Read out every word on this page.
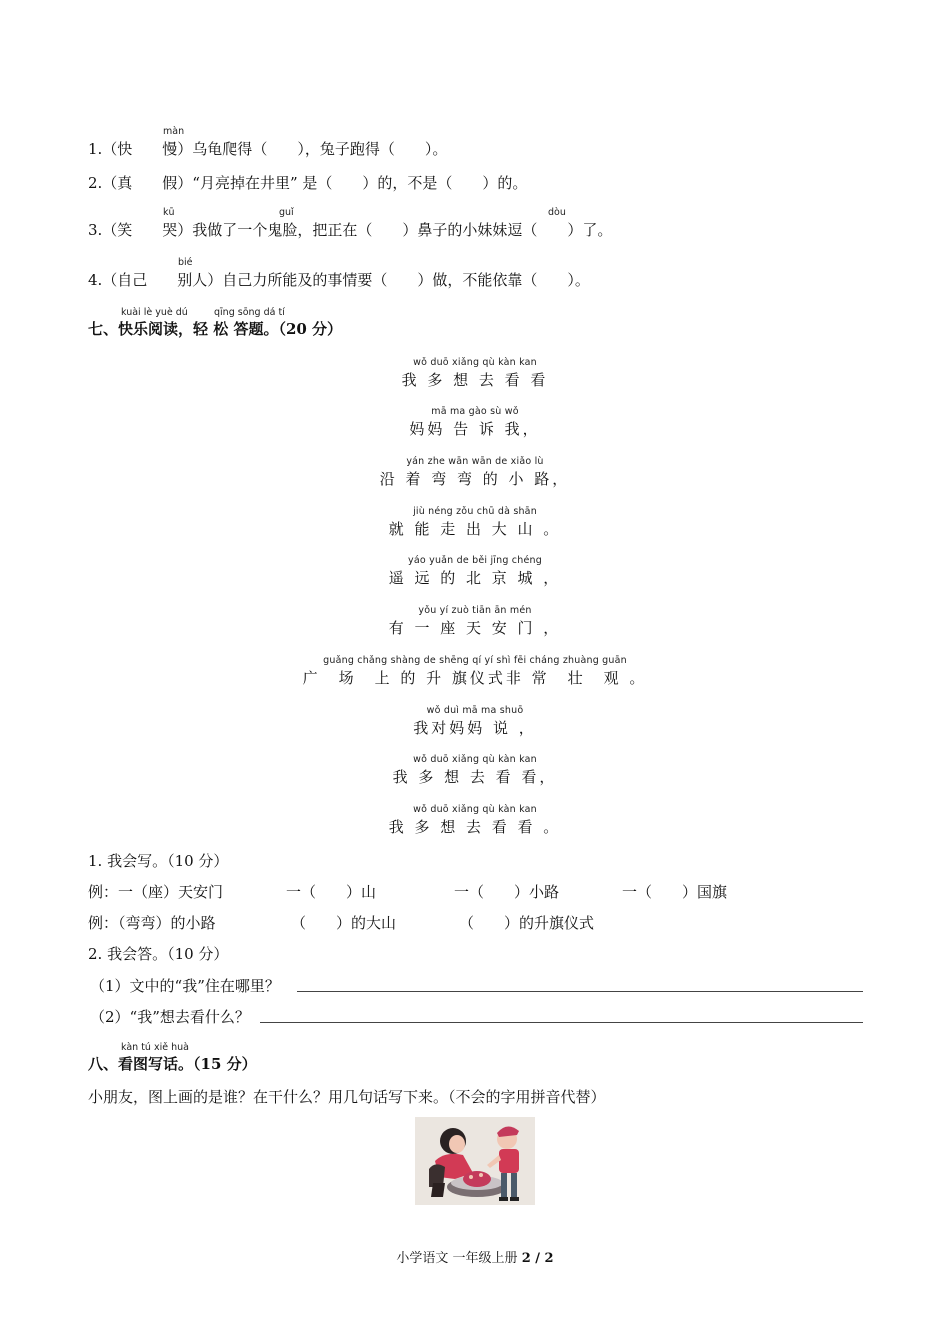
màn
1.（快　　慢）乌龟爬得（　　），兔子跑得（　　）。
2.（真　　假）“月亮掉在井里” 是（　　）的，不是（　　）的。
kū	guǐ	dòu
3.（笑　　哭）我做了一个鬼脸，把正在（　　）鼻子的小妹妹逗（　　）了。
bié
4.（自己　　别人）自己力所能及的事情要（　　）做，不能依靠（　　）。
kuài lè yuè dú	qīng sōng dá tí
七、快乐阅读，轻 松 答题。（20 分）
wǒ duō xiǎng qù kàn kan
我 多 想 去 看 看
mā ma gào sù wǒ
妈妈 告 诉 我，
yán zhe wān wān de xiǎo lù
沿 着 弯 弯 的 小 路，
jiù néng zǒu chū dà shān
就 能 走 出 大 山 。
yáo yuǎn de běi jīng chéng
遥 远 的 北 京 城 ，
yǒu yí zuò tiān ān mén
有 一 座 天 安 门 ，
guǎng chǎng shàng de shēng qí yí shì fēi cháng zhuàng guān
广　场　上 的 升 旗仪式非 常　壮　观 。
wǒ duì mā ma shuō
我对妈妈 说 ，
wǒ duō xiǎng qù kàn kan
我 多 想 去 看 看，
wǒ duō xiǎng qù kàn kan
我 多 想 去 看 看 。
1. 我会写。（10 分）
例：一（座）天安门	一（　　）山	一（　　）小路	一（　　）国旗
例：（弯弯）的小路	（　　）的大山	（　　）的升旗仪式
2. 我会答。（10 分）
（1）文中的“我”住在哪里？
（2）“我”想去看什么？
kàn tú xiě huà
八、看图写话。（15 分）
小朋友，图上画的是谁？在干什么？用几句话写下来。（不会的字用拼音代替）
小学语文 一年级上册 2 / 2
